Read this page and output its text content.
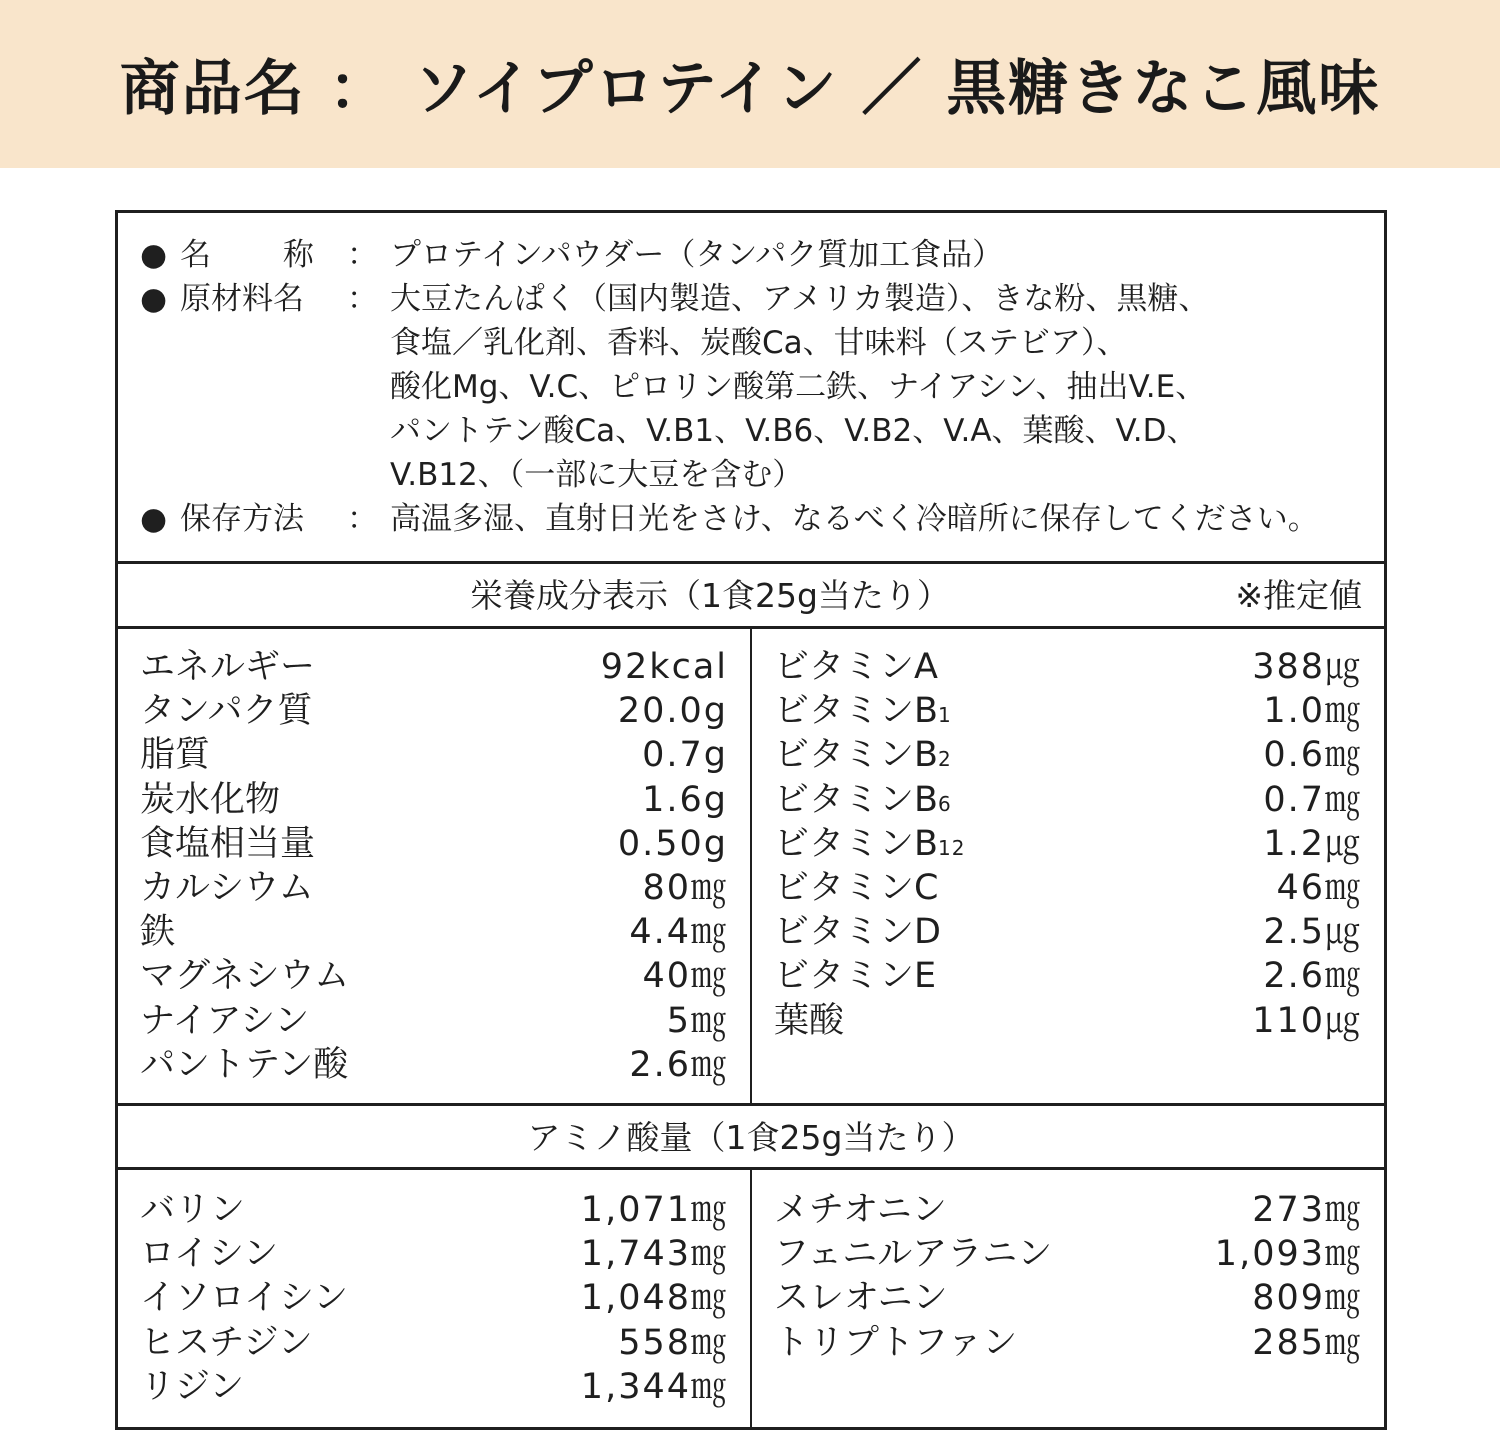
商品名 ： ソイプロテイン ／ 黒糖きなこ風味
● 名　　 称 ： プロテインパウダー（タンパク質加工食品）
● 原材料名 ： 大豆たんぱく（国内製造、アメリカ製造）、きな粉、黒糖、
食塩／乳化剤、香料、炭酸Ca、甘味料（ステビア）、
酸化Mg、V.C、ピロリン酸第二鉄、ナイアシン、抽出V.E、
パントテン酸Ca、V.B1、V.B6、V.B2、V.A、葉酸、V.D、
V.B12、（一部に大豆を含む）
● 保存方法 ： 高温多湿、直射日光をさけ、なるべく冷暗所に保存してください。
栄養成分表示（1食25g当たり）	※推定値
エネルギー	92kcal
タンパク質	20.0g
脂質	0.7g
炭水化物	1.6g
食塩相当量	0.50g
カルシウム	80㎎
鉄	4.4㎎
マグネシウム	40㎎
ナイアシン	5㎎
パントテン酸	2.6㎎
ビタミンA	388㎍
ビタミンB1	1.0㎎
ビタミンB2	0.6㎎
ビタミンB6	0.7㎎
ビタミンB12	1.2㎍
ビタミンC	46㎎
ビタミンD	2.5㎍
ビタミンE	2.6㎎
葉酸	110㎍
アミノ酸量（1食25g当たり）
バリン	1,071㎎
ロイシン	1,743㎎
イソロイシン	1,048㎎
ヒスチジン	558㎎
リジン	1,344㎎
メチオニン	273㎎
フェニルアラニン	1,093㎎
スレオニン	809㎎
トリプトファン	285㎎
